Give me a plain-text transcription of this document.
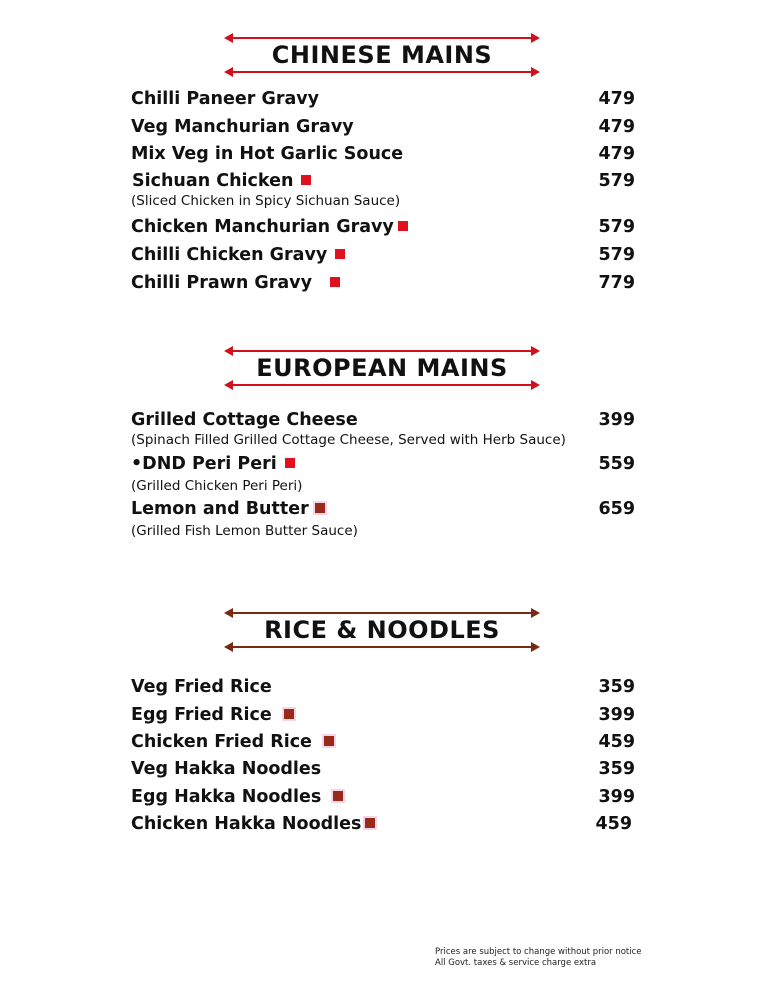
CHINESE MAINS
Chilli Paneer Gravy	479
Veg Manchurian Gravy	479
Mix Veg in Hot Garlic Souce	479
Sichuan Chicken	579
(Sliced Chicken in Spicy Sichuan Sauce)
Chicken Manchurian Gravy	579
Chilli Chicken Gravy	579
Chilli Prawn Gravy	779
EUROPEAN MAINS
Grilled Cottage Cheese	399
(Spinach Filled Grilled Cottage Cheese, Served with Herb Sauce)
•DND Peri Peri	559
(Grilled Chicken Peri Peri)
Lemon and Butter	659
(Grilled Fish Lemon Butter Sauce)
RICE & NOODLES
Veg Fried Rice	359
Egg Fried Rice	399
Chicken Fried Rice	459
Veg Hakka Noodles	359
Egg Hakka Noodles	399
Chicken Hakka Noodles	459
Prices are subject to change without prior notice
All Govt. taxes & service charge extra
